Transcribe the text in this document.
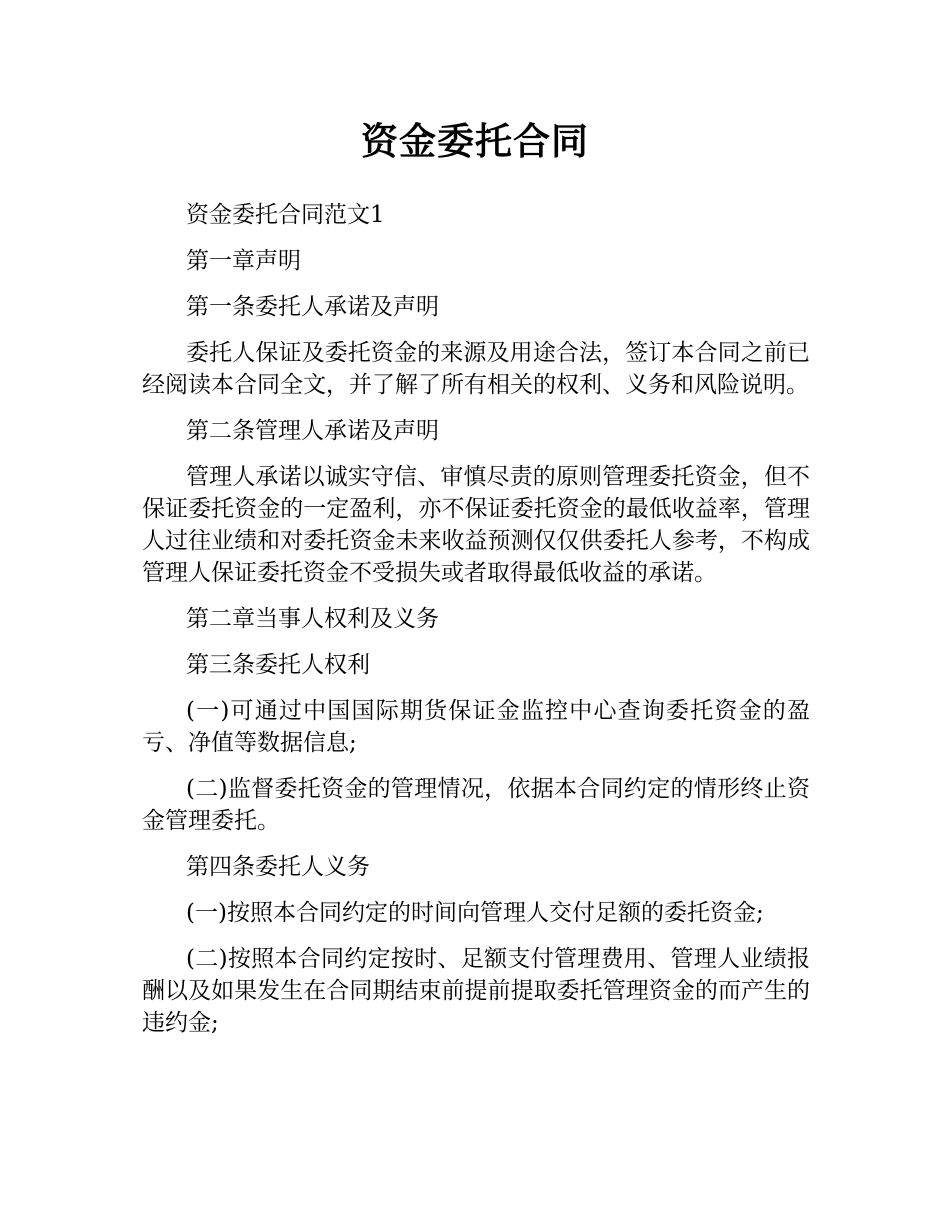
资金委托合同

资金委托合同范文1

第一章声明

第一条委托人承诺及声明

委托人保证及委托资金的来源及用途合法，签订本合同之前已经阅读本合同全文，并了解了所有相关的权利、义务和风险说明。

第二条管理人承诺及声明

管理人承诺以诚实守信、审慎尽责的原则管理委托资金，但不保证委托资金的一定盈利，亦不保证委托资金的最低收益率，管理人过往业绩和对委托资金未来收益预测仅仅供委托人参考，不构成管理人保证委托资金不受损失或者取得最低收益的承诺。

第二章当事人权利及义务

第三条委托人权利

(一)可通过中国国际期货保证金监控中心查询委托资金的盈亏、净值等数据信息;

(二)监督委托资金的管理情况，依据本合同约定的情形终止资金管理委托。

第四条委托人义务

(一)按照本合同约定的时间向管理人交付足额的委托资金;

(二)按照本合同约定按时、足额支付管理费用、管理人业绩报酬以及如果发生在合同期结束前提前提取委托管理资金的而产生的违约金;
